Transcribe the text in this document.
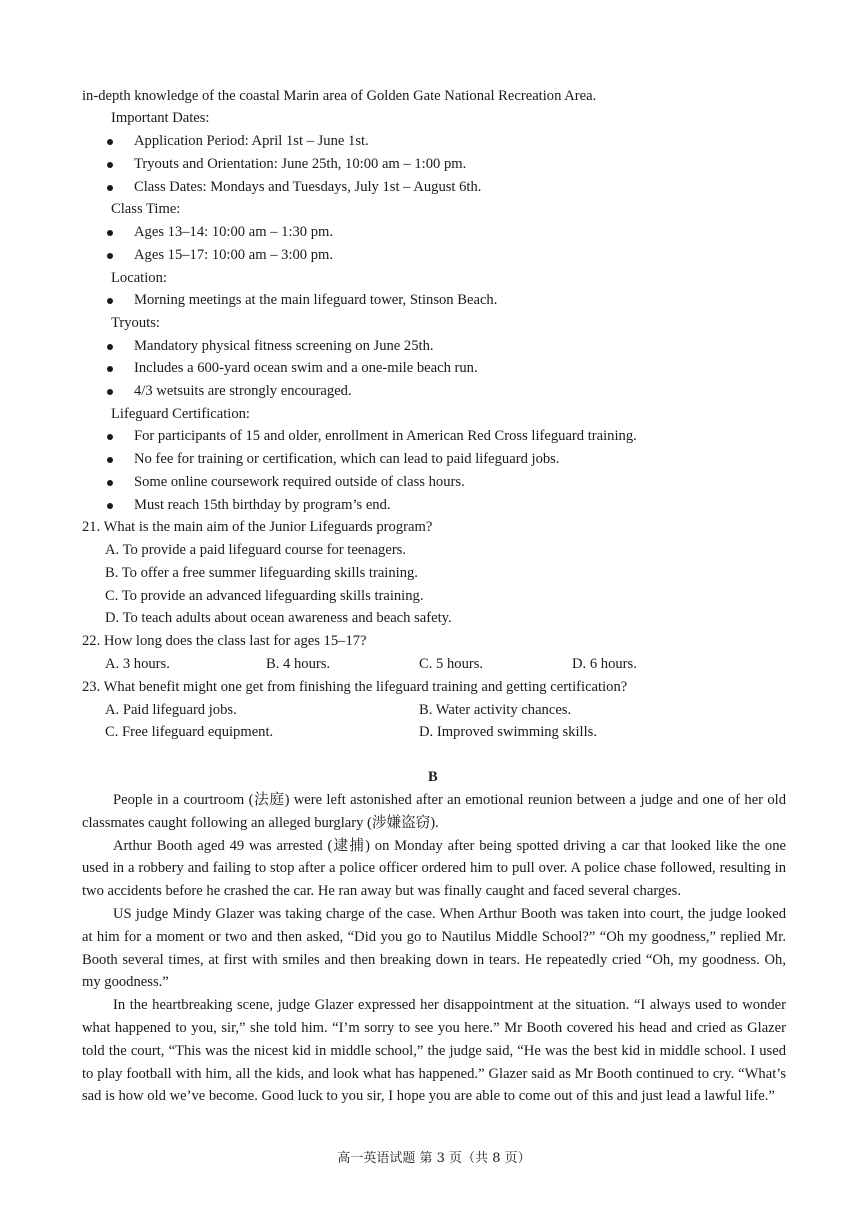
in-depth knowledge of the coastal Marin area of Golden Gate National Recreation Area.
Important Dates:
Application Period: April 1st – June 1st.
Tryouts and Orientation: June 25th, 10:00 am – 1:00 pm.
Class Dates: Mondays and Tuesdays, July 1st – August 6th.
Class Time:
Ages 13–14: 10:00 am – 1:30 pm.
Ages 15–17: 10:00 am – 3:00 pm.
Location:
Morning meetings at the main lifeguard tower, Stinson Beach.
Tryouts:
Mandatory physical fitness screening on June 25th.
Includes a 600-yard ocean swim and a one-mile beach run.
4/3 wetsuits are strongly encouraged.
Lifeguard Certification:
For participants of 15 and older, enrollment in American Red Cross lifeguard training.
No fee for training or certification, which can lead to paid lifeguard jobs.
Some online coursework required outside of class hours.
Must reach 15th birthday by program’s end.
21. What is the main aim of the Junior Lifeguards program?
A. To provide a paid lifeguard course for teenagers.
B. To offer a free summer lifeguarding skills training.
C. To provide an advanced lifeguarding skills training.
D. To teach adults about ocean awareness and beach safety.
22. How long does the class last for ages 15–17?
A. 3 hours.	B. 4 hours.	C. 5 hours.	D. 6 hours.
23. What benefit might one get from finishing the lifeguard training and getting certification?
A. Paid lifeguard jobs.	B. Water activity chances.
C. Free lifeguard equipment.	D. Improved swimming skills.
B

People in a courtroom (法庭) were left astonished after an emotional reunion between a judge and one of her old classmates caught following an alleged burglary (涉嫌盗窃).

Arthur Booth aged 49 was arrested (逮捕) on Monday after being spotted driving a car that looked like the one used in a robbery and failing to stop after a police officer ordered him to pull over. A police chase followed, resulting in two accidents before he crashed the car. He ran away but was finally caught and faced several charges.

US judge Mindy Glazer was taking charge of the case. When Arthur Booth was taken into court, the judge looked at him for a moment or two and then asked, “Did you go to Nautilus Middle School?” “Oh my goodness,” replied Mr. Booth several times, at first with smiles and then breaking down in tears. He repeatedly cried “Oh, my goodness. Oh, my goodness.”

In the heartbreaking scene, judge Glazer expressed her disappointment at the situation. “I always used to wonder what happened to you, sir,” she told him. “I’m sorry to see you here.” Mr Booth covered his head and cried as Glazer told the court, “This was the nicest kid in middle school,” the judge said, “He was the best kid in middle school. I used to play football with him, all the kids, and look what has happened.” Glazer said as Mr Booth continued to cry. “What’s sad is how old we’ve become. Good luck to you sir, I hope you are able to come out of this and just lead a lawful life.”

高一英语试题 第 3 页（共 8 页）
